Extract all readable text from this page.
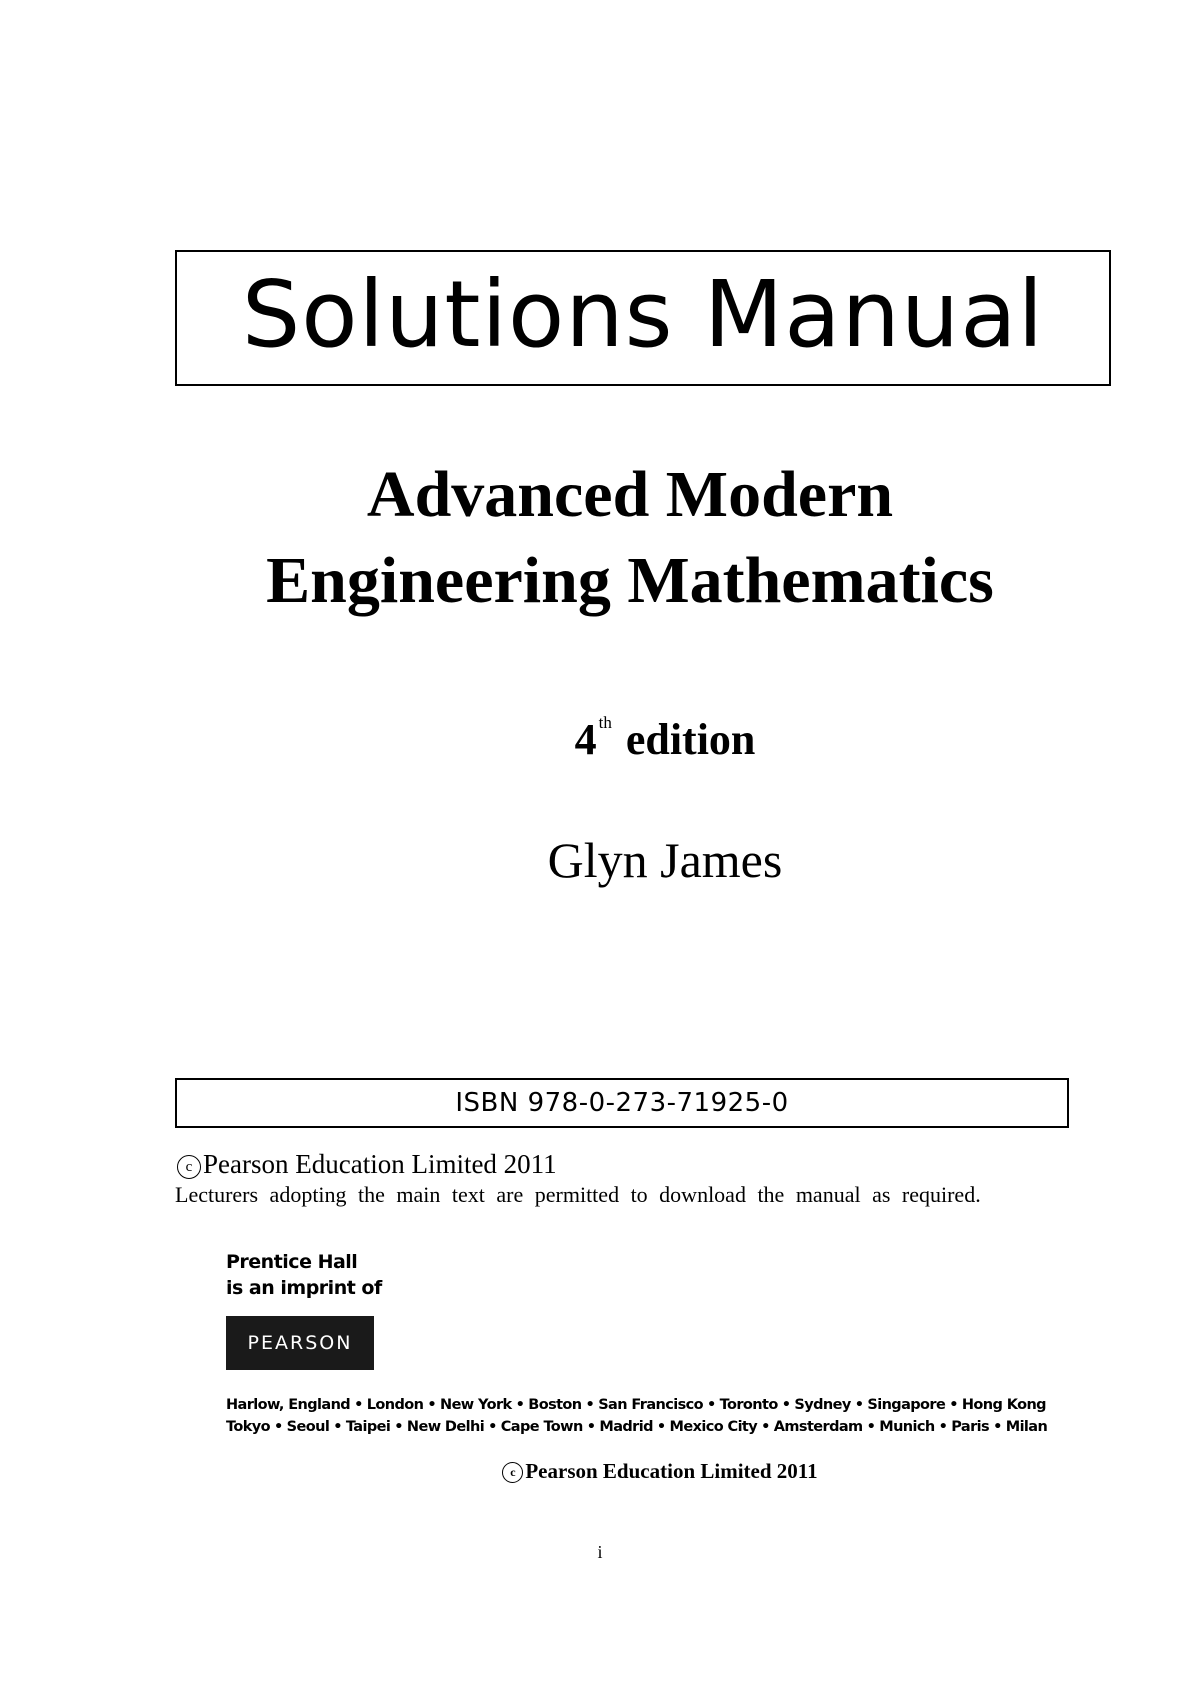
Solutions Manual
Advanced Modern
Engineering Mathematics
4 $^{th}$ edition
Glyn James
ISBN 978-0-273-71925-0
c Pearson Education Limited 2011
Lecturers adopting the main text are permitted to download the manual as required.
Prentice Hall
is an imprint of
PEARSON
Harlow, England • London • New York • Boston • San Francisco • Toronto • Sydney • Singapore • Hong Kong
Tokyo • Seoul • Taipei • New Delhi • Cape Town • Madrid • Mexico City • Amsterdam • Munich • Paris • Milan
c Pearson Education Limited 2011
i
